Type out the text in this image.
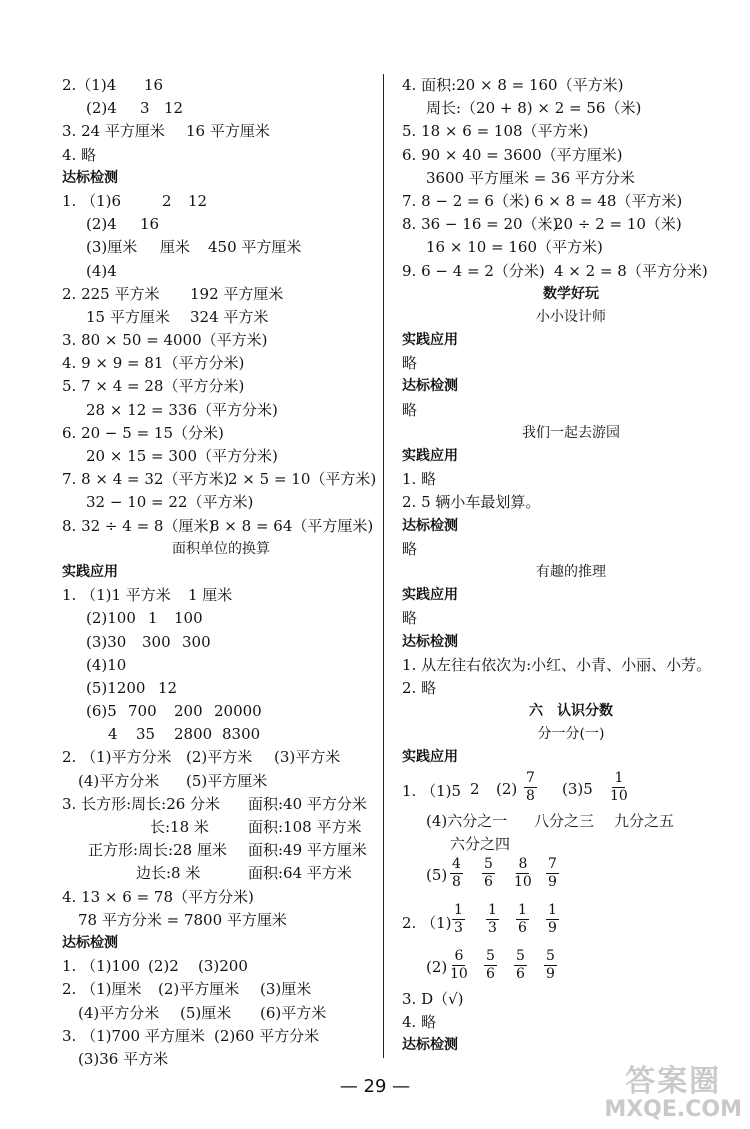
2.（1)4 16
(2)4 3 12
3. 24 平方厘米 16 平方厘米
4. 略
达标检测
1. （1)6	2 12
(2)4 16
(3)厘米 厘米 450 平方厘米
(4)4
2. 225 平方米 192 平方厘米
15 平方厘米 324 平方米
3. 80 × 50 = 4000（平方米)
4. 9 × 9 = 81（平方分米)
5. 7 × 4 = 28（平方分米)
28 × 12 = 336（平方分米)
6. 20 − 5 = 15（分米)
20 × 15 = 300（平方分米)
7. 8 × 4 = 32（平方米)
2 × 5 = 10（平方米)
32 − 10 = 22（平方米)
8. 32 ÷ 4 = 8（厘米)
8 × 8 = 64（平方厘米)
面积单位的换算
实践应用
1. （1)1 平方米 1 厘米
(2)100 1 100
(3)30 300 300
(4)10
(5)1200 12
(6)5 700 200 20000
4 35 2800 8300
2. （1)平方分米 (2)平方米 (3)平方米
(4)平方分米 (5)平方厘米
3. 长方形:周长:26 分米 面积:40 平方分米
长:18 米	面积:108 平方米
正方形:周长:28 厘米 面积:49 平方厘米
边长:8 米	面积:64 平方米
4. 13 × 6 = 78（平方分米)
78 平方分米 = 7800 平方厘米
达标检测
1. （1)100 (2)2 (3)200
2. （1)厘米 (2)平方厘米 (3)厘米
(4)平方分米 (5)厘米 (6)平方米
3. （1)700 平方厘米 (2)60 平方分米
(3)36 平方米
4. 面积:20 × 8 = 160（平方米)
周长:（20 + 8) × 2 = 56（米)
5. 18 × 6 = 108（平方米)
6. 90 × 40 = 3600（平方厘米)
3600 平方厘米 = 36 平方分米
7. 8 − 2 = 6（米) 6 × 8 = 48（平方米)
8. 36 − 16 = 20（米)
20 ÷ 2 = 10（米)
16 × 10 = 160（平方米)
9. 6 − 4 = 2（分米) 4 × 2 = 8（平方分米)
数学好玩
小小设计师
实践应用
略
达标检测
略
我们一起去游园
实践应用
1. 略
2. 5 辆小车最划算。
达标检测
略
有趣的推理
实践应用
略
达标检测
1. 从左往右依次为:小红、小青、小丽、小芳。
2. 略
六　认识分数
分一分(一)
实践应用
1. （1)5 2 $(2) \frac{7}{8} (3)5 \frac{1}{10}$
(4)六分之一 八分之三 九分之五
六分之四
$(5) \frac{4}{8} \frac{5}{6} \frac{8}{10} \frac{7}{9}$
2. $(1) \frac{1}{3} \frac{1}{3} \frac{1}{6} \frac{1}{9}$
$(2) \frac{6}{10} \frac{5}{6} \frac{5}{6} \frac{5}{9}$
3. D（√)
4. 略
达标检测
— 29 —	答案圈
MXQE.COM
